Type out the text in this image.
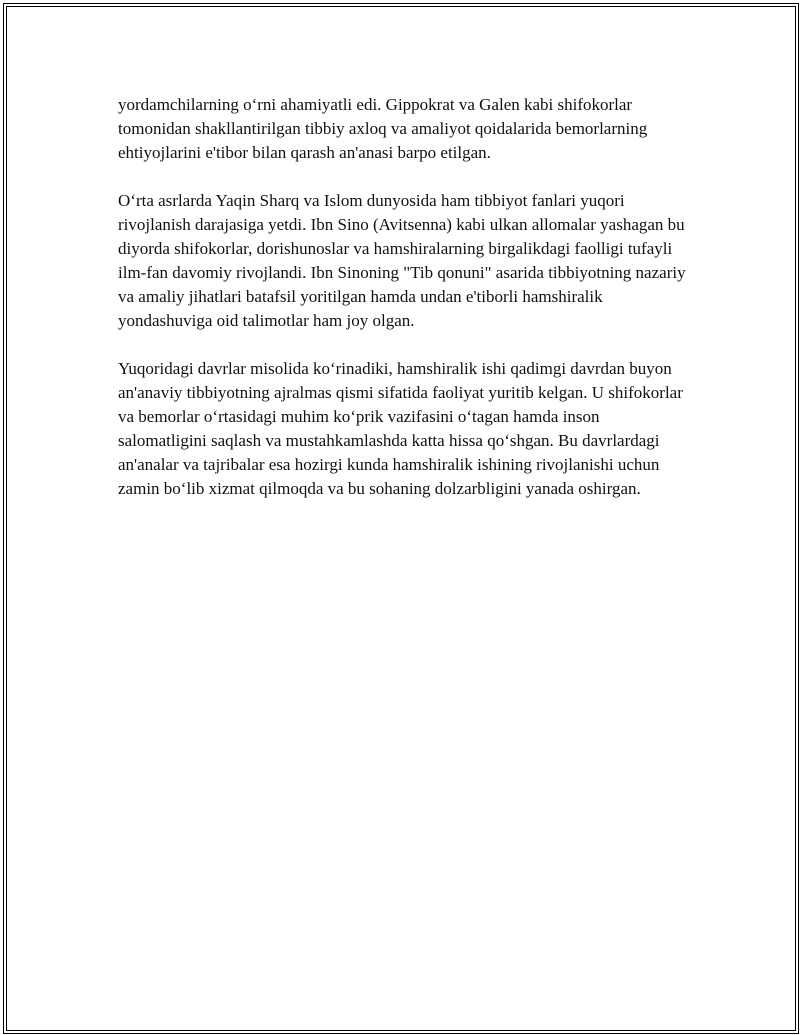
yordamchilarning o‘rni ahamiyatli edi. Gippokrat va Galen kabi shifokorlar tomonidan shakllantirilgan tibbiy axloq va amaliyot qoidalarida bemorlarning ehtiyojlarini e'tibor bilan qarash an'anasi barpo etilgan.

O‘rta asrlarda Yaqin Sharq va Islom dunyosida ham tibbiyot fanlari yuqori rivojlanish darajasiga yetdi. Ibn Sino (Avitsenna) kabi ulkan allomalar yashagan bu diyorda shifokorlar, dorishunoslar va hamshiralarning birgalikdagi faolligi tufayli ilm-fan davomiy rivojlandi. Ibn Sinoning "Tib qonuni" asarida tibbiyotning nazariy va amaliy jihatlari batafsil yoritilgan hamda undan e'tiborli hamshiralik yondashuviga oid talimotlar ham joy olgan.

Yuqoridagi davrlar misolida ko‘rinadiki, hamshiralik ishi qadimgi davrdan buyon an'anaviy tibbiyotning ajralmas qismi sifatida faoliyat yuritib kelgan. U shifokorlar va bemorlar o‘rtasidagi muhim ko‘prik vazifasini o‘tagan hamda inson salomatligini saqlash va mustahkamlashda katta hissa qo‘shgan. Bu davrlardagi an'analar va tajribalar esa hozirgi kunda hamshiralik ishining rivojlanishi uchun zamin bo‘lib xizmat qilmoqda va bu sohaning dolzarbligini yanada oshirgan.
